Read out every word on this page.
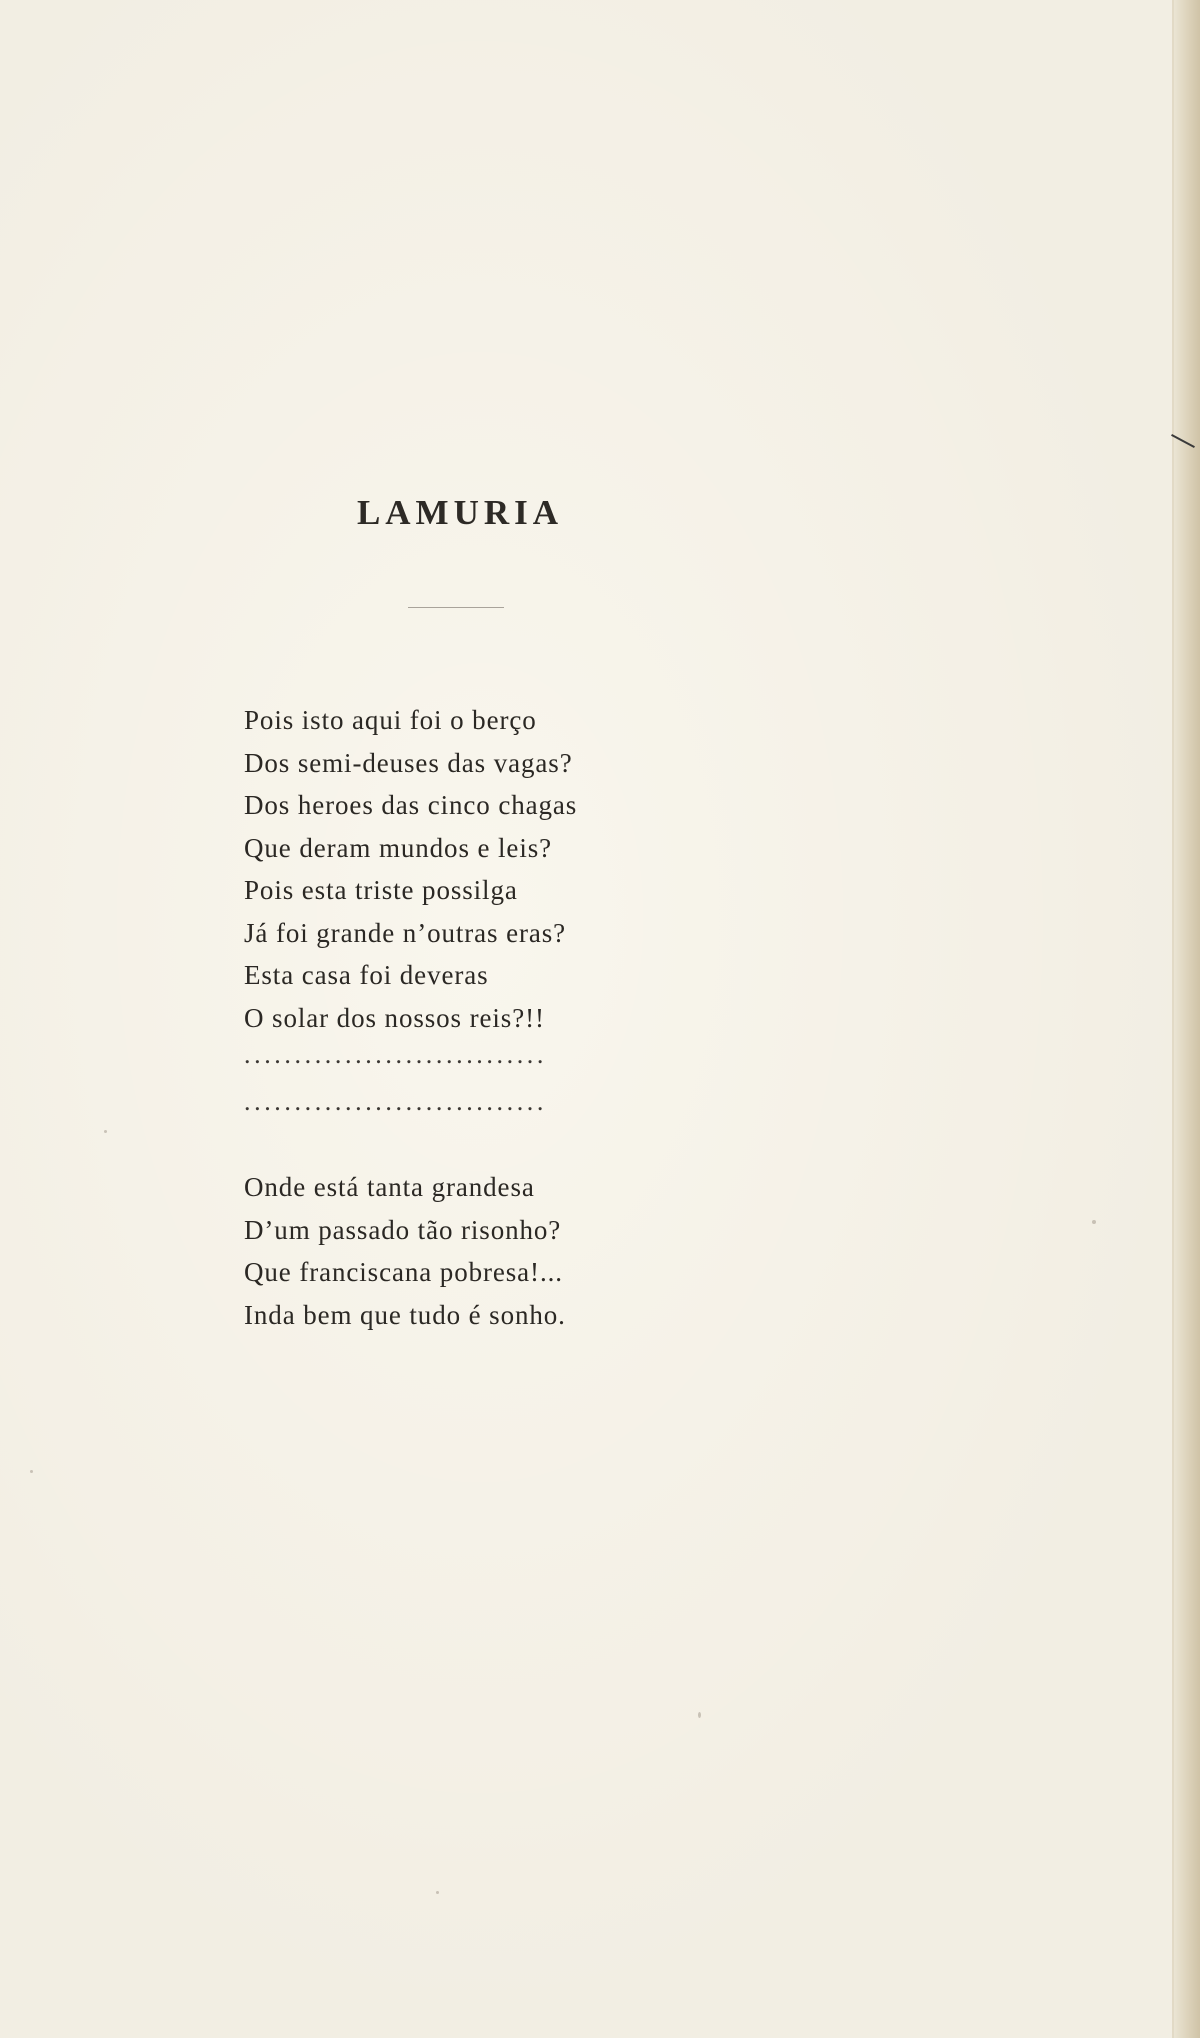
LAMURIA
Pois isto aqui foi o berço
Dos semi-deuses das vagas?
Dos heroes das cinco chagas
Que deram mundos e leis?
Pois esta triste possilga
Já foi grande n’outras eras?
Esta casa foi deveras
O solar dos nossos reis?!!
..............................
..............................
Onde está tanta grandesa
D’um passado tão risonho?
Que franciscana pobresa!...
Inda bem que tudo é sonho.
